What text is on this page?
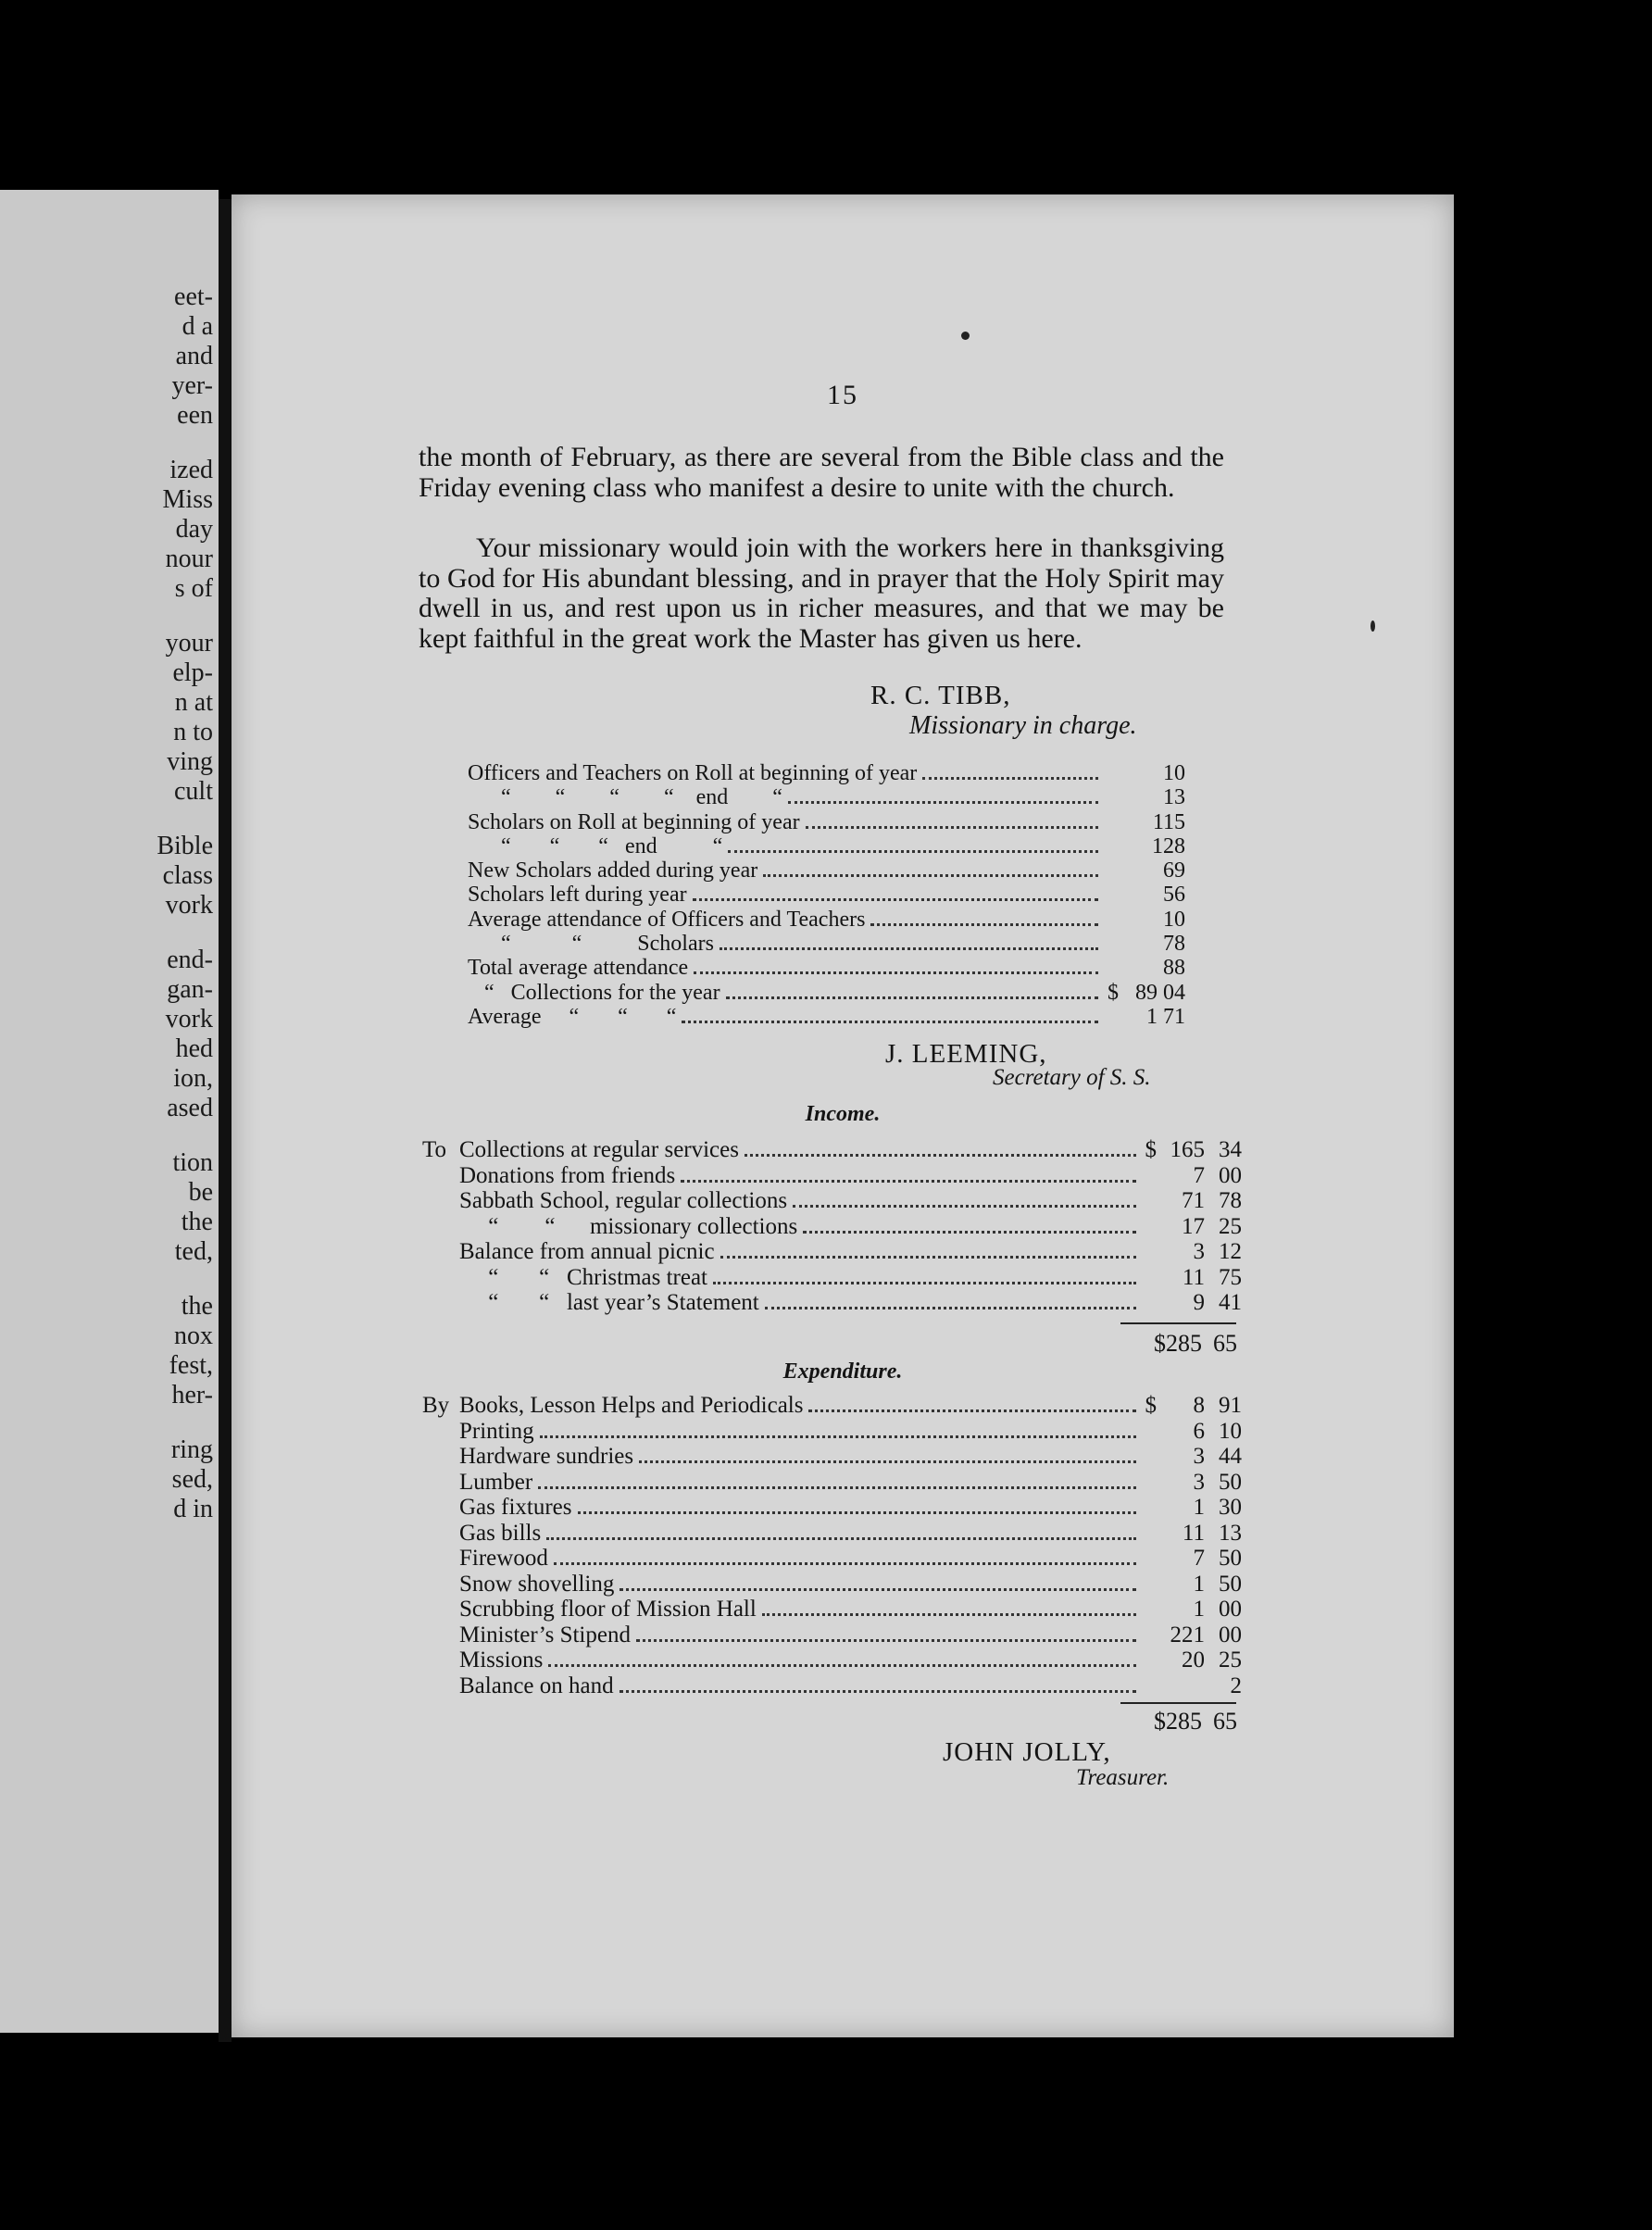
eet-
d a
and
yer-
een
ized
Miss
day
nour
s of
your
elp-
n at
n to
ving
cult
Bible
class
vork
end-
gan-
vork
hed
ion,
ased
tion
be
the
ted,
the
nox
fest,
her-
ring
sed,
d in
15

the month of February, as there are several from the Bible class and the Friday evening class who manifest a desire to unite with the church.

Your missionary would join with the workers here in thanksgiving to God for His abundant blessing, and in prayer that the Holy Spirit may dwell in us, and rest upon us in richer measures, and that we may be kept faithful in the great work the Master has given us here.

R. C. TIBB,
Missionary in charge.
Officers and Teachers on Roll at beginning of year	10
“        “        “        “    end        “	13
Scholars on Roll at beginning of year	115
“       “       “   end          “	128
New Scholars added during year	69
Scholars left during year	56
Average attendance of Officers and Teachers	10
“           “          Scholars	78
Total average attendance	88
“   Collections for the year	$ 89 04
Average     “       “       “	1 71
J. LEEMING,
Secretary of S. S.
Income.
To Collections at regular services	$ 165 34
Donations from friends	7 00
Sabbath School, regular collections	71 78
“        “      missionary collections	17 25
Balance from annual picnic	3 12
“       “   Christmas treat	11 75
“       “   last year’s Statement	9 41
$285 65
Expenditure.
By Books, Lesson Helps and Periodicals	$	8 91
Printing	6 10
Hardware sundries	3 44
Lumber	3 50
Gas fixtures	1 30
Gas bills	11 13
Firewood	7 50
Snow shovelling	1 50
Scrubbing floor of Mission Hall	1 00
Minister’s Stipend	221 00
Missions	20 25
Balance on hand	2
$285 65
JOHN JOLLY,
Treasurer.
